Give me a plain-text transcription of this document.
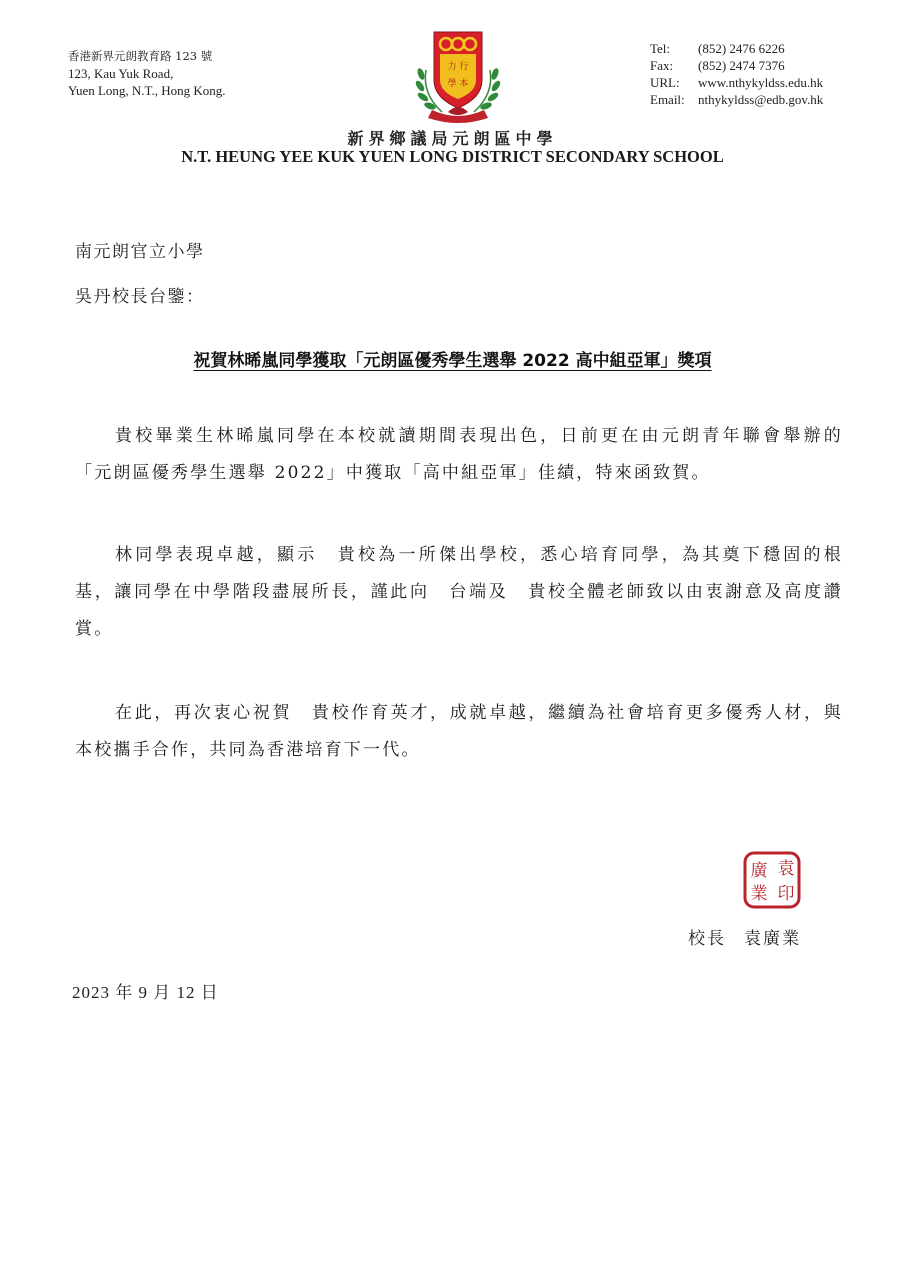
香港新界元朗教育路 123 號
123, Kau Yuk Road,
Yuen Long, N.T., Hong Kong.
力 行
學 本
Tel: (852) 2476 6226
Fax: (852) 2474 7376
URL: www.nthykyldss.edu.hk
Email: nthykyldss@edb.gov.hk
新界鄉議局元朗區中學
N.T. HEUNG YEE KUK YUEN LONG DISTRICT SECONDARY SCHOOL
南元朗官立小學
吳丹校長台鑒：
祝賀林晞嵐同學獲取「元朗區優秀學生選舉 2022 高中組亞軍」獎項
貴校畢業生林晞嵐同學在本校就讀期間表現出色，日前更在由元朗青年聯會舉辦的「元朗區優秀學生選舉 2022」中獲取「高中組亞軍」佳績，特來函致賀。
林同學表現卓越，顯示　貴校為一所傑出學校，悉心培育同學，為其奠下穩固的根基，讓同學在中學階段盡展所長，謹此向　台端及　貴校全體老師致以由衷謝意及高度讚賞。
在此，再次衷心祝賀　貴校作育英才，成就卓越，繼續為社會培育更多優秀人材，與本校攜手合作，共同為香港培育下一代。
袁
廣
業 印
校長 袁廣業
2023 年 9 月 12 日
